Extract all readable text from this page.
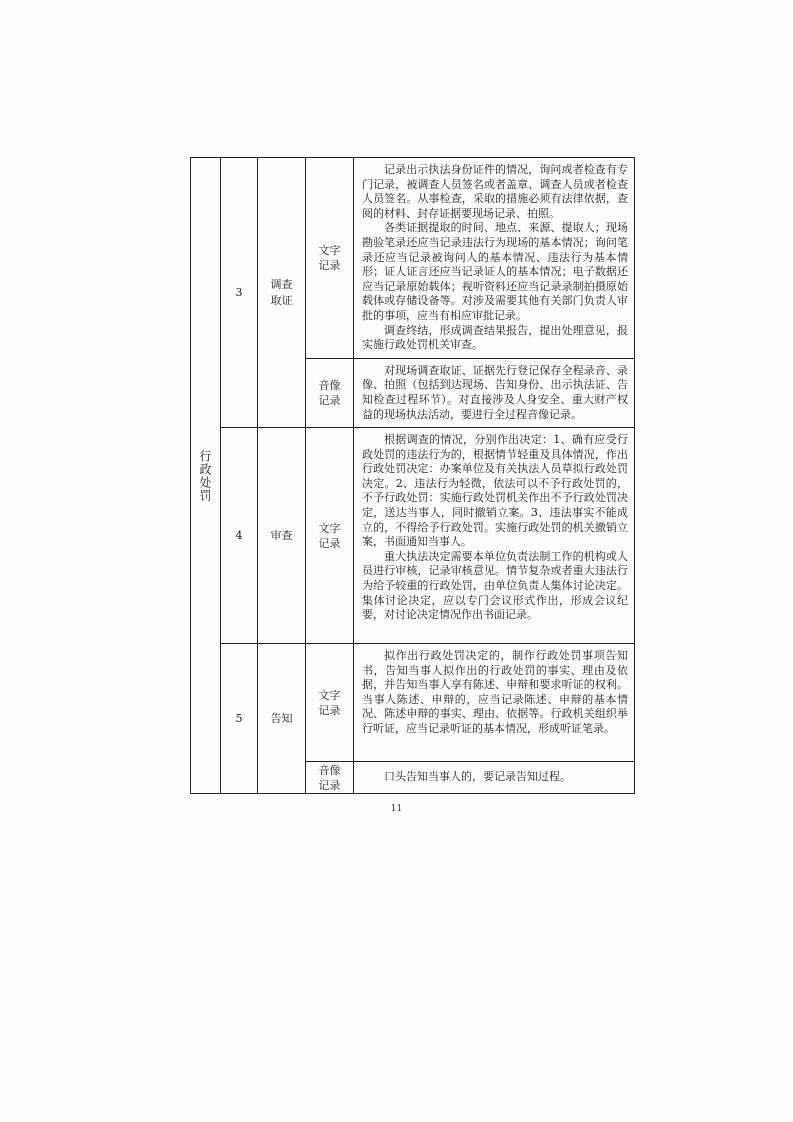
行政处罚	3	调查取证	文字记录	记录出示执法身份证件的情况，询问或者检查有专门记录，被调查人员签名或者盖章、调查人员或者检查人员签名。从事检查，采取的措施必须有法律依据，查阅的材料、封存证据要现场记录、拍照。

各类证据提取的时间、地点、来源、提取人；现场勘验笔录还应当记录违法行为现场的基本情况；询问笔录还应当记录被询问人的基本情况、违法行为基本情形；证人证言还应当记录证人的基本情况；电子数据还应当记录原始载体；视听资料还应当记录录制拍摄原始载体或存储设备等。对涉及需要其他有关部门负责人审批的事项，应当有相应审批记录。

调查终结，形成调查结果报告，提出处理意见，报实施行政处罚机关审查。

			音像记录	对现场调查取证、证据先行登记保存全程录音、录像、拍照（包括到达现场、告知身份、出示执法证、告知检查过程环节）。对直接涉及人身安全、重大财产权益的现场执法活动，要进行全过程音像记录。

	4	审查	文字记录	根据调查的情况，分别作出决定：1、确有应受行政处罚的违法行为的，根据情节轻重及具体情况，作出行政处罚决定：办案单位及有关执法人员草拟行政处罚决定。2、违法行为轻微，依法可以不予行政处罚的，不予行政处罚：实施行政处罚机关作出不予行政处罚决定，送达当事人，同时撤销立案。3、违法事实不能成立的，不得给予行政处罚。实施行政处罚的机关撤销立案，书面通知当事人。

重大执法决定需要本单位负责法制工作的机构或人员进行审核，记录审核意见。情节复杂或者重大违法行为给予较重的行政处罚，由单位负责人集体讨论决定。集体讨论决定，应以专门会议形式作出，形成会议纪要，对讨论决定情况作出书面记录。

	5	告知	文字记录	拟作出行政处罚决定的，制作行政处罚事项告知书，告知当事人拟作出的行政处罚的事实、理由及依据，并告知当事人享有陈述、申辩和要求听证的权利。当事人陈述、申辩的，应当记录陈述、申辩的基本情况、陈述申辩的事实、理由、依据等。行政机关组织举行听证，应当记录听证的基本情况，形成听证笔录。

			音像记录	口头告知当事人的，要记录告知过程。

11
